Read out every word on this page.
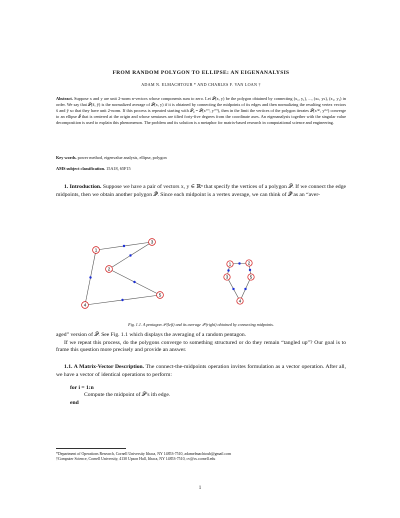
FROM RANDOM POLYGON TO ELLIPSE: AN EIGENANALYSIS
ADAM N. ELMACHTOUB * AND CHARLES F. VAN LOAN †
Abstract. Suppose x and y are unit 2-norm n-vectors whose components sum to zero. Let 𝒫(x, y) be the polygon obtained by connecting (x₁, y₁), ..., (xₙ, yₙ), (x₁, y₁) in order. We say that 𝒫(x̃, ỹ) is the normalized average of 𝒫(x, y) if it is obtained by connecting the midpoints of its edges and then normalizing the resulting vertex vectors x̃ and ỹ so that they have unit 2-norm. If this process is repeated starting with 𝒫₀ = 𝒫(x⁽⁰⁾, y⁽⁰⁾), then in the limit the vertices of the polygon iterates 𝒫(x⁽ᵏ⁾, y⁽ᵏ⁾) converge to an ellipse ℰ that is centered at the origin and whose semiaxes are tilted forty-five degrees from the coordinate axes. An eigenanalysis together with the singular value decomposition is used to explain this phenomenon. The problem and its solution is a metaphor for matrix-based research in computational science and engineering.
Key words. power method, eigenvalue analysis, ellipse, polygon
AMS subject classification. 15A18, 65F15
1. Introduction. Suppose we have a pair of vectors x, y ∈ ℝⁿ that specify the vertices of a polygon 𝒫. If we connect the edge midpoints, then we obtain another polygon 𝒫̃. Since each midpoint is a vertex average, we can think of 𝒫̃ as an “aver-
1
2
3
4
5
1	2
3
4
5
Fig. 1.1. A pentagon 𝒫 (left) and its average 𝒫̃ (right) obtained by connecting midpoints.
aged” version of 𝒫. See Fig. 1.1 which displays the averaging of a random pentagon.
If we repeat this process, do the polygons converge to something structured or do they remain “tangled up”? Our goal is to frame this question more precisely and provide an answer.
1.1. A Matrix-Vector Description. The connect-the-midpoints operation invites formulation as a vector operation. After all, we have a vector of identical operations to perform:
for i = 1:n
Compute the midpoint of 𝒫’s ith edge.
end
*Department of Operations Research, Cornell University Ithaca, NY 14853-7510, adamelmachtoub@gmail.com
†Computer Science, Cornell University, 4130 Upson Hall, Ithaca, NY 14853-7510, cv@cs.cornell.edu
1
